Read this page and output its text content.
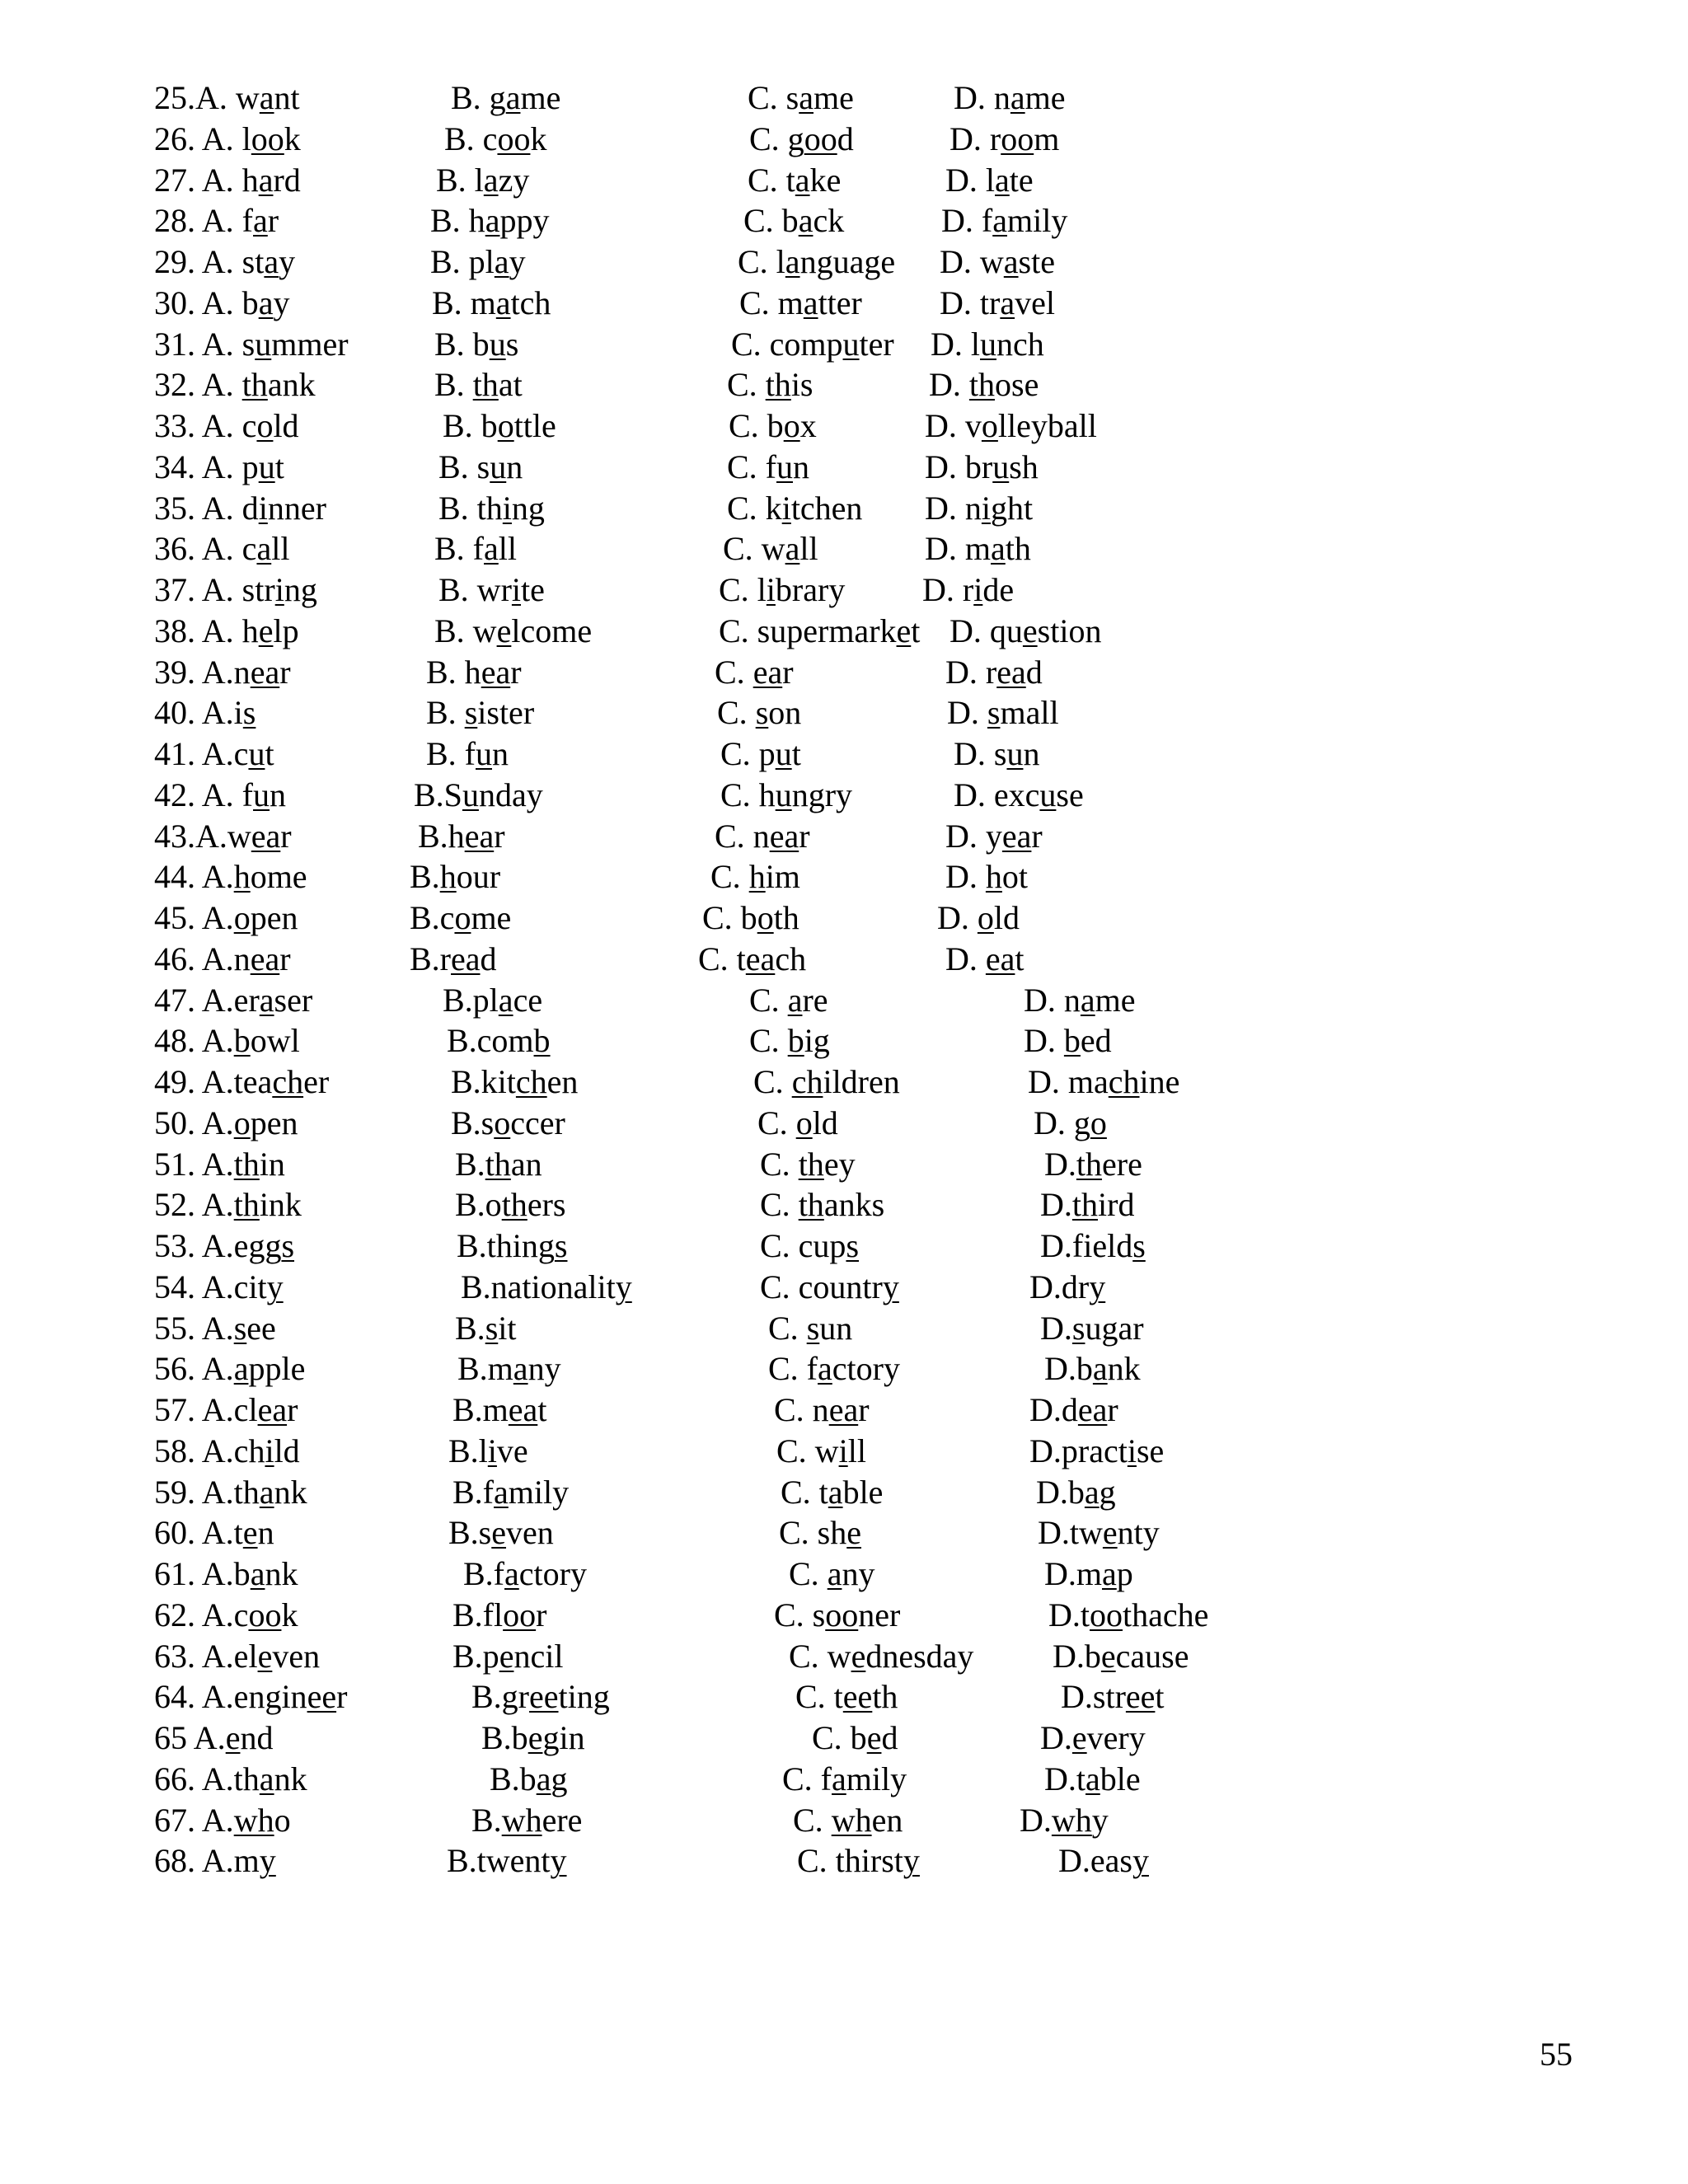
25.A. want	B. game	C. same	D. name
26. A. look	B. cook	C. good	D. room
27. A. hard	B. lazy	C. take	D. late
28. A. far	B. happy	C. back	D. family
29. A. stay	B. play	C. language D. waste
30. A. bay	B. match	C. matter D. travel
31. A. summer	B. bus	C. computer D. lunch
32. A. thank	B. that	C. this	D. those
33. A. cold	B. bottle	C. box	D. volleyball
34. A. put	B. sun	C. fun	D. brush
35. A. dinner	B. thing	C. kitchen D. night
36. A. call	B. fall	C. wall	D. math
37. A. string	B. write	C. library D. ride
38. A. help	B. welcome	C. supermarket D. question
39. A.near	B. hear	C. ear	D. read
40. A.is	B. sister	C. son	D. small
41. A.cut	B. fun	C. put	D. sun
42. A. fun	B.Sunday	C. hungry	D. excuse
43.A.wear	B.hear	C. near	D. year
44. A.home	B.hour	C. him	D. hot
45. A.open	B.come	C. both	D. old
46. A.near	B.read	C. teach	D. eat
47. A.eraser	B.place	C. are	D. name
48. A.bowl	B.comb	C. big	D. bed
49. A.teacher	B.kitchen	C. children	D. machine
50. A.open	B.soccer	C. old	D. go
51. A.thin	B.than	C. they	D.there
52. A.think	B.others	C. thanks	D.third
53. A.eggs	B.things	C. cups	D.fields
54. A.city	B.nationality	C. country	D.dry
55. A.see	B.sit	C. sun	D.sugar
56. A.apple	B.many	C. factory	D.bank
57. A.clear	B.meat	C. near	D.dear
58. A.child	B.live	C. will	D.practise
59. A.thank	B.family	C. table	D.bag
60. A.ten	B.seven	C. she	D.twenty
61. A.bank	B.factory	C. any	D.map
62. A.cook	B.floor	C. sooner	D.toothache
63. A.eleven	B.pencil	C. wednesday D.because
64. A.engineer	B.greeting	C. teeth	D.street
65 A.end	B.begin	C. bed	D.every
66. A.thank	B.bag	C. family	D.table
67. A.who	B.where	C. when	D.why
68. A.my	B.twenty	C. thirsty	D.easy
55
